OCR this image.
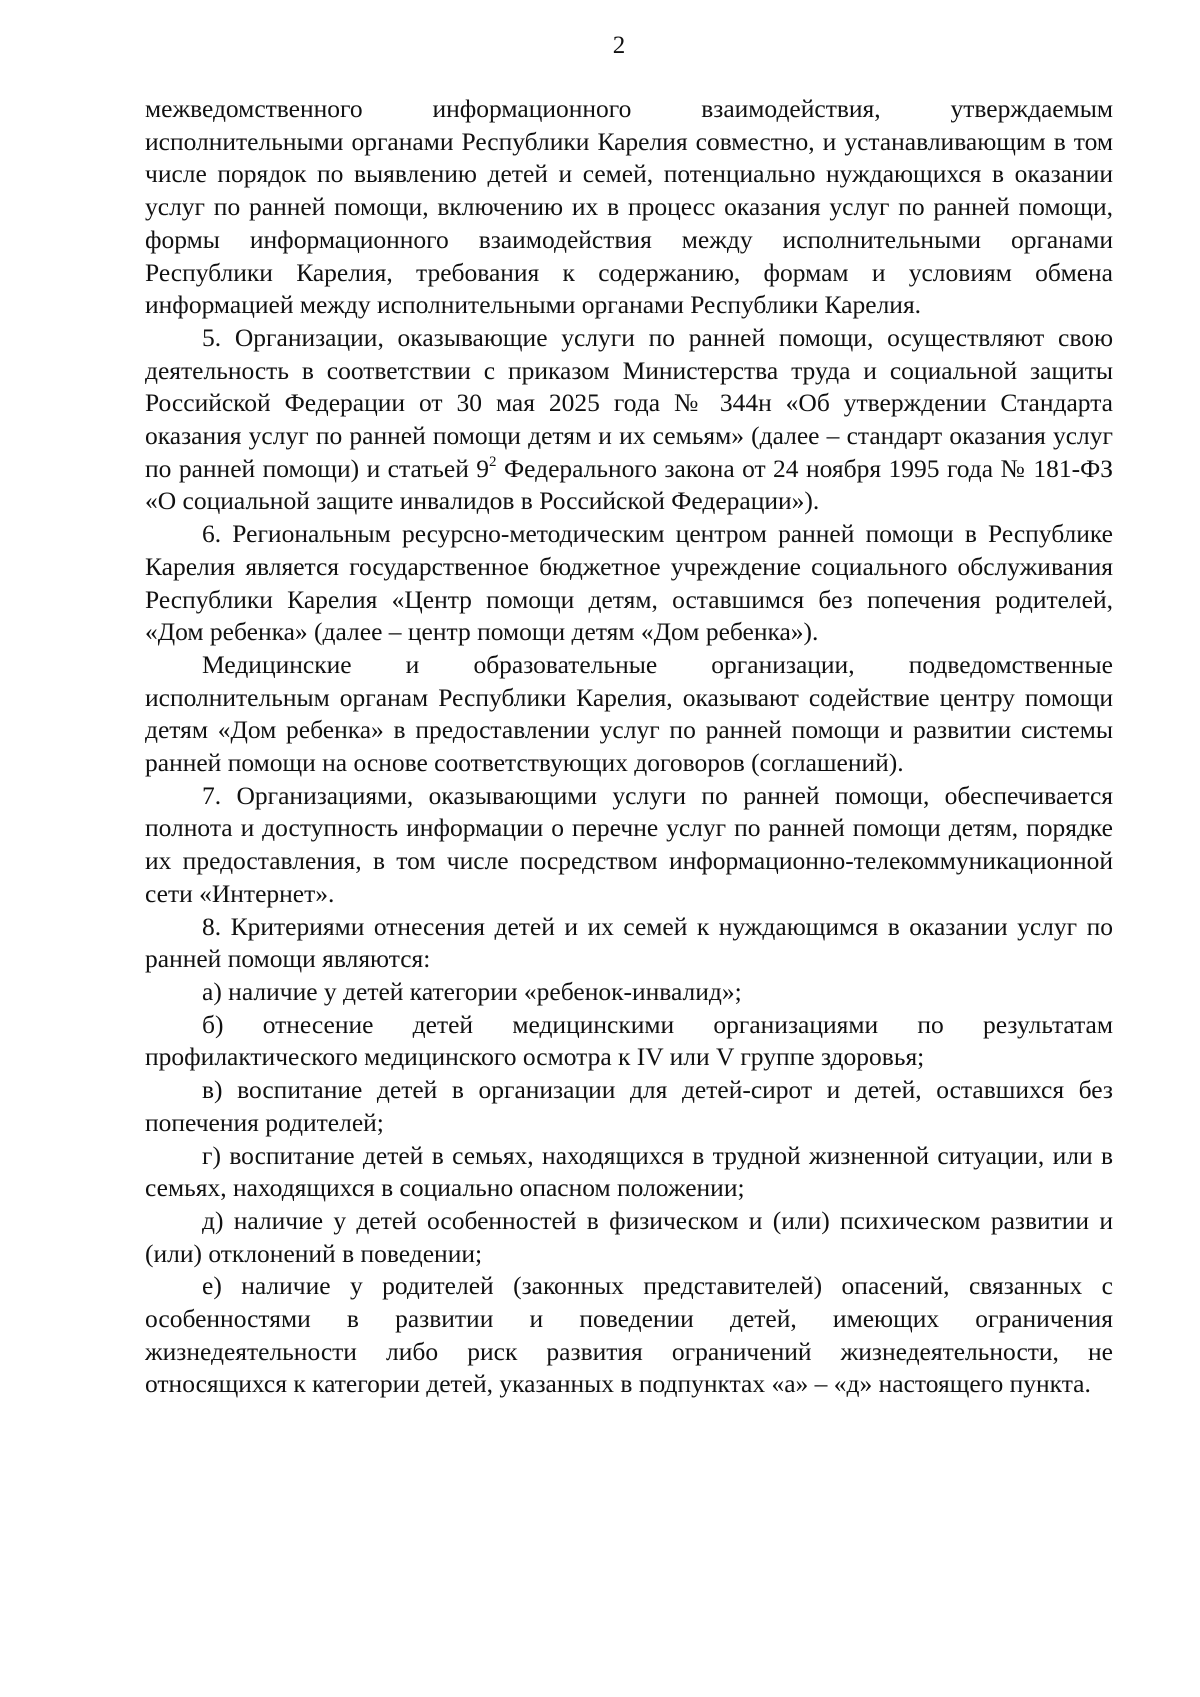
2

межведомственного информационного взаимодействия, утверждаемым исполнительными органами Республики Карелия совместно, и устанавливающим в том числе порядок по выявлению детей и семей, потенциально нуждающихся в оказании услуг по ранней помощи, включению их в процесс оказания услуг по ранней помощи, формы информационного взаимодействия между исполнительными органами Республики Карелия, требования к содержанию, формам и условиям обмена информацией между исполнительными органами Республики Карелия.

5. Организации, оказывающие услуги по ранней помощи, осуществляют свою деятельность в соответствии с приказом Министерства труда и социальной защиты Российской Федерации от 30 мая 2025 года № 344н «Об утверждении Стандарта оказания услуг по ранней помощи детям и их семьям» (далее – стандарт оказания услуг по ранней помощи) и статьей $9^2$ Федерального закона от 24 ноября 1995 года № 181-ФЗ «О социальной защите инвалидов в Российской Федерации»).

6. Региональным ресурсно-методическим центром ранней помощи в Республике Карелия является государственное бюджетное учреждение социального обслуживания Республики Карелия «Центр помощи детям, оставшимся без попечения родителей, «Дом ребенка» (далее – центр помощи детям «Дом ребенка»).

Медицинские и образовательные организации, подведомственные исполнительным органам Республики Карелия, оказывают содействие центру помощи детям «Дом ребенка» в предоставлении услуг по ранней помощи и развитии системы ранней помощи на основе соответствующих договоров (соглашений).

7. Организациями, оказывающими услуги по ранней помощи, обеспечивается полнота и доступность информации о перечне услуг по ранней помощи детям, порядке их предоставления, в том числе посредством информационно-телекоммуникационной сети «Интернет».

8. Критериями отнесения детей и их семей к нуждающимся в оказании услуг по ранней помощи являются:

а) наличие у детей категории «ребенок-инвалид»;

б) отнесение детей медицинскими организациями по результатам профилактического медицинского осмотра к IV или V группе здоровья;

в) воспитание детей в организации для детей-сирот и детей, оставшихся без попечения родителей;

г) воспитание детей в семьях, находящихся в трудной жизненной ситуации, или в семьях, находящихся в социально опасном положении;

д) наличие у детей особенностей в физическом и (или) психическом развитии и (или) отклонений в поведении;

е) наличие у родителей (законных представителей) опасений, связанных с особенностями в развитии и поведении детей, имеющих ограничения жизнедеятельности либо риск развития ограничений жизнедеятельности, не относящихся к категории детей, указанных в подпунктах «а» – «д» настоящего пункта.
